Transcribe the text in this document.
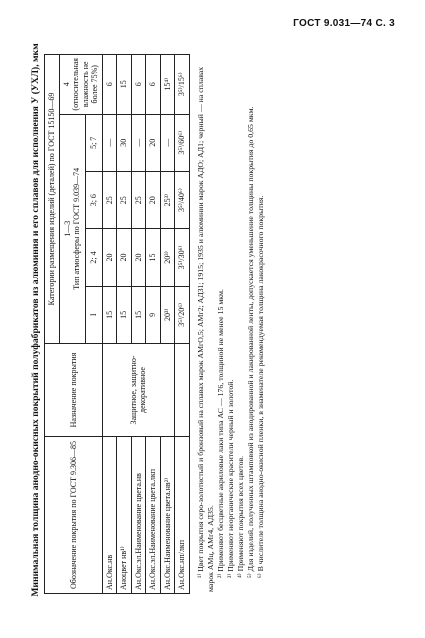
ГОСТ 9.031—74 С. 3
Минимальная толщина анодно-окисных покрытий полуфабрикатов из алюминия и его сплавов для исполнения У (УХЛ), мкм	Обозначение покрытия по ГОСТ 9.306—85	Назначение покрытия	Категории размещения изделий (деталей) по ГОСТ 15150—69				
		1—3
Тип атмосферы по ГОСТ 9.039—74				4 (относительная влажность не более 75%)
		I	2; 4	3; 6	5; 7	
Ан.Окс.нв	Защитное, защитно-декоративное	15	20	25	—	6
Аноцвет нв¹⁾		15	20	25	30	15
Ан.Окс.эл.Наименование цвета.нв		15	20	25	—	6
Ан.Окс.эл.Наименование цвета.лкп		9	15	20	20	6
Ан.Окс.Наименование цвета.нв²⁾		20³⁾	20³⁾	25³⁾	—	15⁴⁾
Ан.Окс.нп/лкп		3⁵⁾/20⁶⁾	3⁵⁾/30⁶⁾	3⁵⁾/40⁶⁾	3⁵⁾/60⁶⁾	3⁵⁾/15⁶⁾ ¹⁾ Цвет покрытия серо-золотистый и бронзовый на сплавах марок АМгО,5; АМг2; АД31; 1915; 1935 и алюминии марок АДО; АД1; черный — на сплавах марок АМц, АМг4, АД35. ²⁾ Применяют бесцветные акриловые лаки типа АС — 176, толщиной не менее 15 мкм. ³⁾ Применяют неорганические красители черный и золотой. ⁴⁾ Применяют покрытия всех цветов. ⁵⁾ Для изделий, полученных штамповкой из анодированной и лакированной ленты, допускается уменьшение толщины покрытия до 0,65 мкм. ⁶⁾ В числителе толщина анодно-окисной пленки, в знаменателе рекомендуемая толщина лакокрасочного покрытия.
